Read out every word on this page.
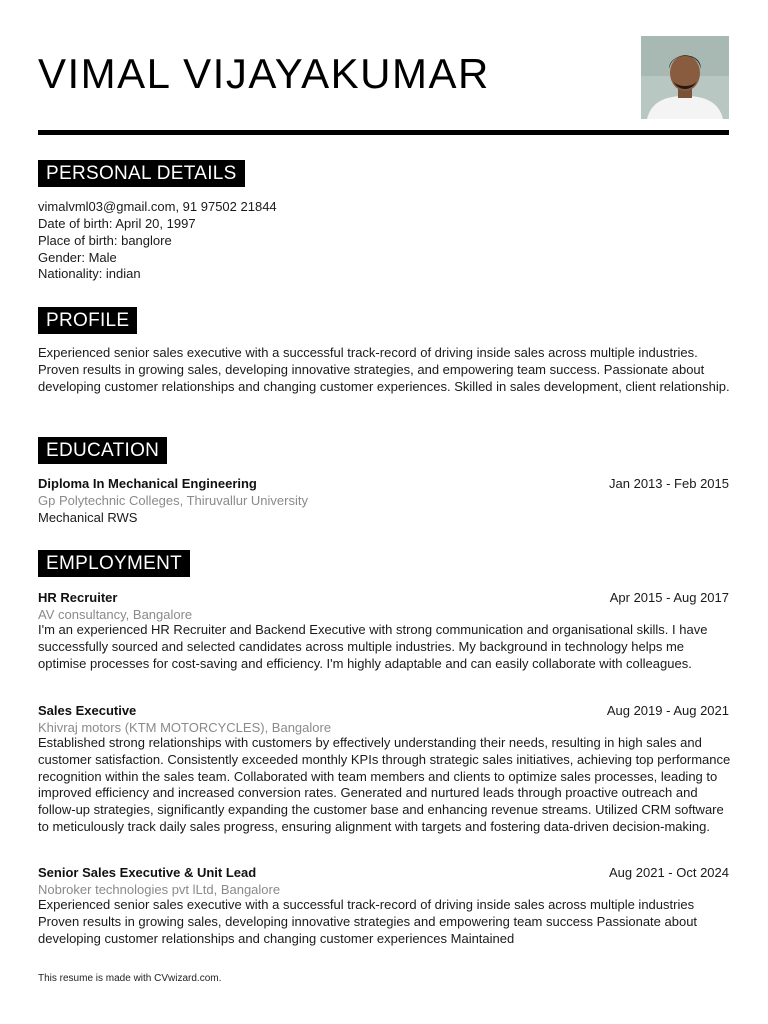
VIMAL VIJAYAKUMAR
PERSONAL DETAILS
vimalvml03@gmail.com, 91 97502 21844
Date of birth: April 20, 1997
Place of birth: banglore
Gender: Male
Nationality: indian
PROFILE

Experienced senior sales executive with a successful track-record of driving inside sales across multiple industries. Proven results in growing sales, developing innovative strategies, and empowering team success. Passionate about developing customer relationships and changing customer experiences. Skilled in sales development, client relationship.

EDUCATION
Diploma In Mechanical Engineering	Jan 2013 - Feb 2015
Gp Polytechnic Colleges, Thiruvallur University
Mechanical RWS
EMPLOYMENT
HR Recruiter	Apr 2015 - Aug 2017
AV consultancy, Bangalore

I'm an experienced HR Recruiter and Backend Executive with strong communication and organisational skills. I have successfully sourced and selected candidates across multiple industries. My background in technology helps me optimise processes for cost-saving and efficiency. I'm highly adaptable and can easily collaborate with colleagues.

Sales Executive	Aug 2019 - Aug 2021
Khivraj motors (KTM MOTORCYCLES), Bangalore

Established strong relationships with customers by effectively understanding their needs, resulting in high sales and customer satisfaction. Consistently exceeded monthly KPIs through strategic sales initiatives, achieving top performance recognition within the sales team. Collaborated with team members and clients to optimize sales processes, leading to improved efficiency and increased conversion rates. Generated and nurtured leads through proactive outreach and follow-up strategies, significantly expanding the customer base and enhancing revenue streams. Utilized CRM software to meticulously track daily sales progress, ensuring alignment with targets and fostering data-driven decision-making.

Senior Sales Executive & Unit Lead	Aug 2021 - Oct 2024
Nobroker technologies pvt lLtd, Bangalore

Experienced senior sales executive with a successful track-record of driving inside sales across multiple industries Proven results in growing sales, developing innovative strategies and empowering team success Passionate about developing customer relationships and changing customer experiences Maintained

This resume is made with CVwizard.com.
